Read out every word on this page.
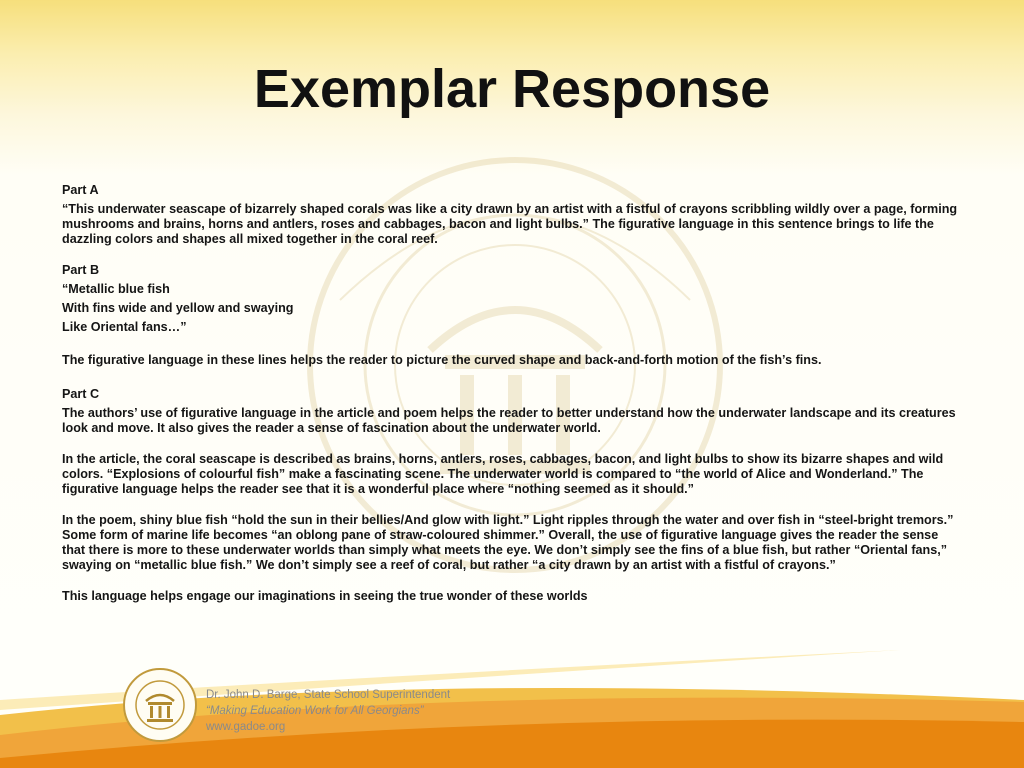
Exemplar Response
Part A
“This underwater seascape of bizarrely shaped corals was like a city drawn by an artist with a fistful of crayons scribbling wildly over a page, forming mushrooms and brains, horns and antlers, roses and cabbages, bacon and light bulbs.” The figurative language in this sentence brings to life the dazzling colors and shapes all mixed together in the coral reef.
Part B
“Metallic blue fish
With fins wide and yellow and swaying
Like Oriental fans…”
The figurative language in these lines helps the reader to picture the curved shape and back-and-forth motion of the fish’s fins.
Part C
The authors’ use of figurative language in the article and poem helps the reader to better understand how the underwater landscape and its creatures look and move. It also gives the reader a sense of fascination about the underwater world.
In the article, the coral seascape is described as brains, horns, antlers, roses, cabbages, bacon, and light bulbs to show its bizarre shapes and wild colors. “Explosions of colourful fish” make a fascinating scene. The underwater world is compared to “the world of Alice and Wonderland.” The figurative language helps the reader see that it is a wonderful place where “nothing seemed as it should.”
In the poem, shiny blue fish “hold the sun in their bellies/And glow with light.” Light ripples through the water and over fish in “steel-bright tremors.” Some form of marine life becomes “an oblong pane of straw-coloured shimmer.” Overall, the use of figurative language gives the reader the sense that there is more to these underwater worlds than simply what meets the eye. We don’t simply see the fins of a blue fish, but rather “Oriental fans,” swaying on “metallic blue fish.” We don’t simply see a reef of coral, but rather “a city drawn by an artist with a fistful of crayons.”
This language helps engage our imaginations in seeing the true wonder of these worlds
Dr. John D. Barge, State School Superintendent
“Making Education Work for All Georgians”
www.gadoe.org
